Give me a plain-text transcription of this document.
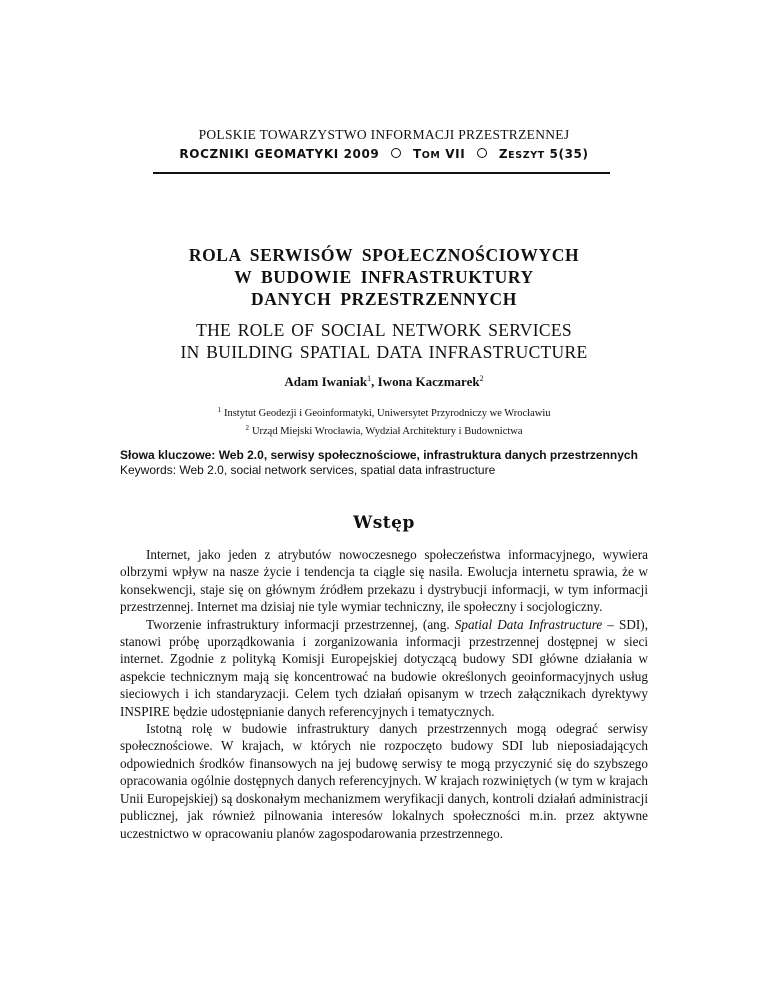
POLSKIE TOWARZYSTWO INFORMACJI PRZESTRZENNEJ
ROCZNIKI GEOMATYKI 2009	TOM VII	ZESZYT 5(35)
ROLA SERWISÓW SPOŁECZNOŚCIOWYCH
W BUDOWIE INFRASTRUKTURY
DANYCH PRZESTRZENNYCH
THE ROLE OF SOCIAL NETWORK SERVICES
IN BUILDING SPATIAL DATA INFRASTRUCTURE
Adam Iwaniak$^1$, Iwona Kaczmarek$^2$
$^1$ Instytut Geodezji i Geoinformatyki, Uniwersytet Przyrodniczy we Wrocławiu
$^2$ Urząd Miejski Wrocławia, Wydział Architektury i Budownictwa
Słowa kluczowe: Web 2.0, serwisy społecznościowe, infrastruktura danych przestrzennych
Keywords: Web 2.0, social network services, spatial data infrastructure
Wstęp

Internet, jako jeden z atrybutów nowoczesnego społeczeństwa informacyjnego, wywiera olbrzymi wpływ na nasze życie i tendencja ta ciągle się nasila. Ewolucja internetu sprawia, że w konsekwencji, staje się on głównym źródłem przekazu i dystrybucji informacji, w tym informacji przestrzennej. Internet ma dzisiaj nie tyle wymiar techniczny, ile społeczny i socjologiczny.

Tworzenie infrastruktury informacji przestrzennej, (ang. Spatial Data Infrastructure – SDI), stanowi próbę uporządkowania i zorganizowania informacji przestrzennej dostępnej w sieci internet. Zgodnie z polityką Komisji Europejskiej dotyczącą budowy SDI główne działania w aspekcie technicznym mają się koncentrować na budowie określonych geoinformacyjnych usług sieciowych i ich standaryzacji. Celem tych działań opisanym w trzech załącznikach dyrektywy INSPIRE będzie udostępnianie danych referencyjnych i tematycznych.

Istotną rolę w budowie infrastruktury danych przestrzennych mogą odegrać serwisy społecznościowe. W krajach, w których nie rozpoczęto budowy SDI lub nieposiadających odpowiednich środków finansowych na jej budowę serwisy te mogą przyczynić się do szybszego opracowania ogólnie dostępnych danych referencyjnych. W krajach rozwiniętych (w tym w krajach Unii Europejskiej) są doskonałym mechanizmem weryfikacji danych, kontroli działań administracji publicznej, jak również pilnowania interesów lokalnych społeczności m.in. przez aktywne uczestnictwo w opracowaniu planów zagospodarowania przestrzennego.
